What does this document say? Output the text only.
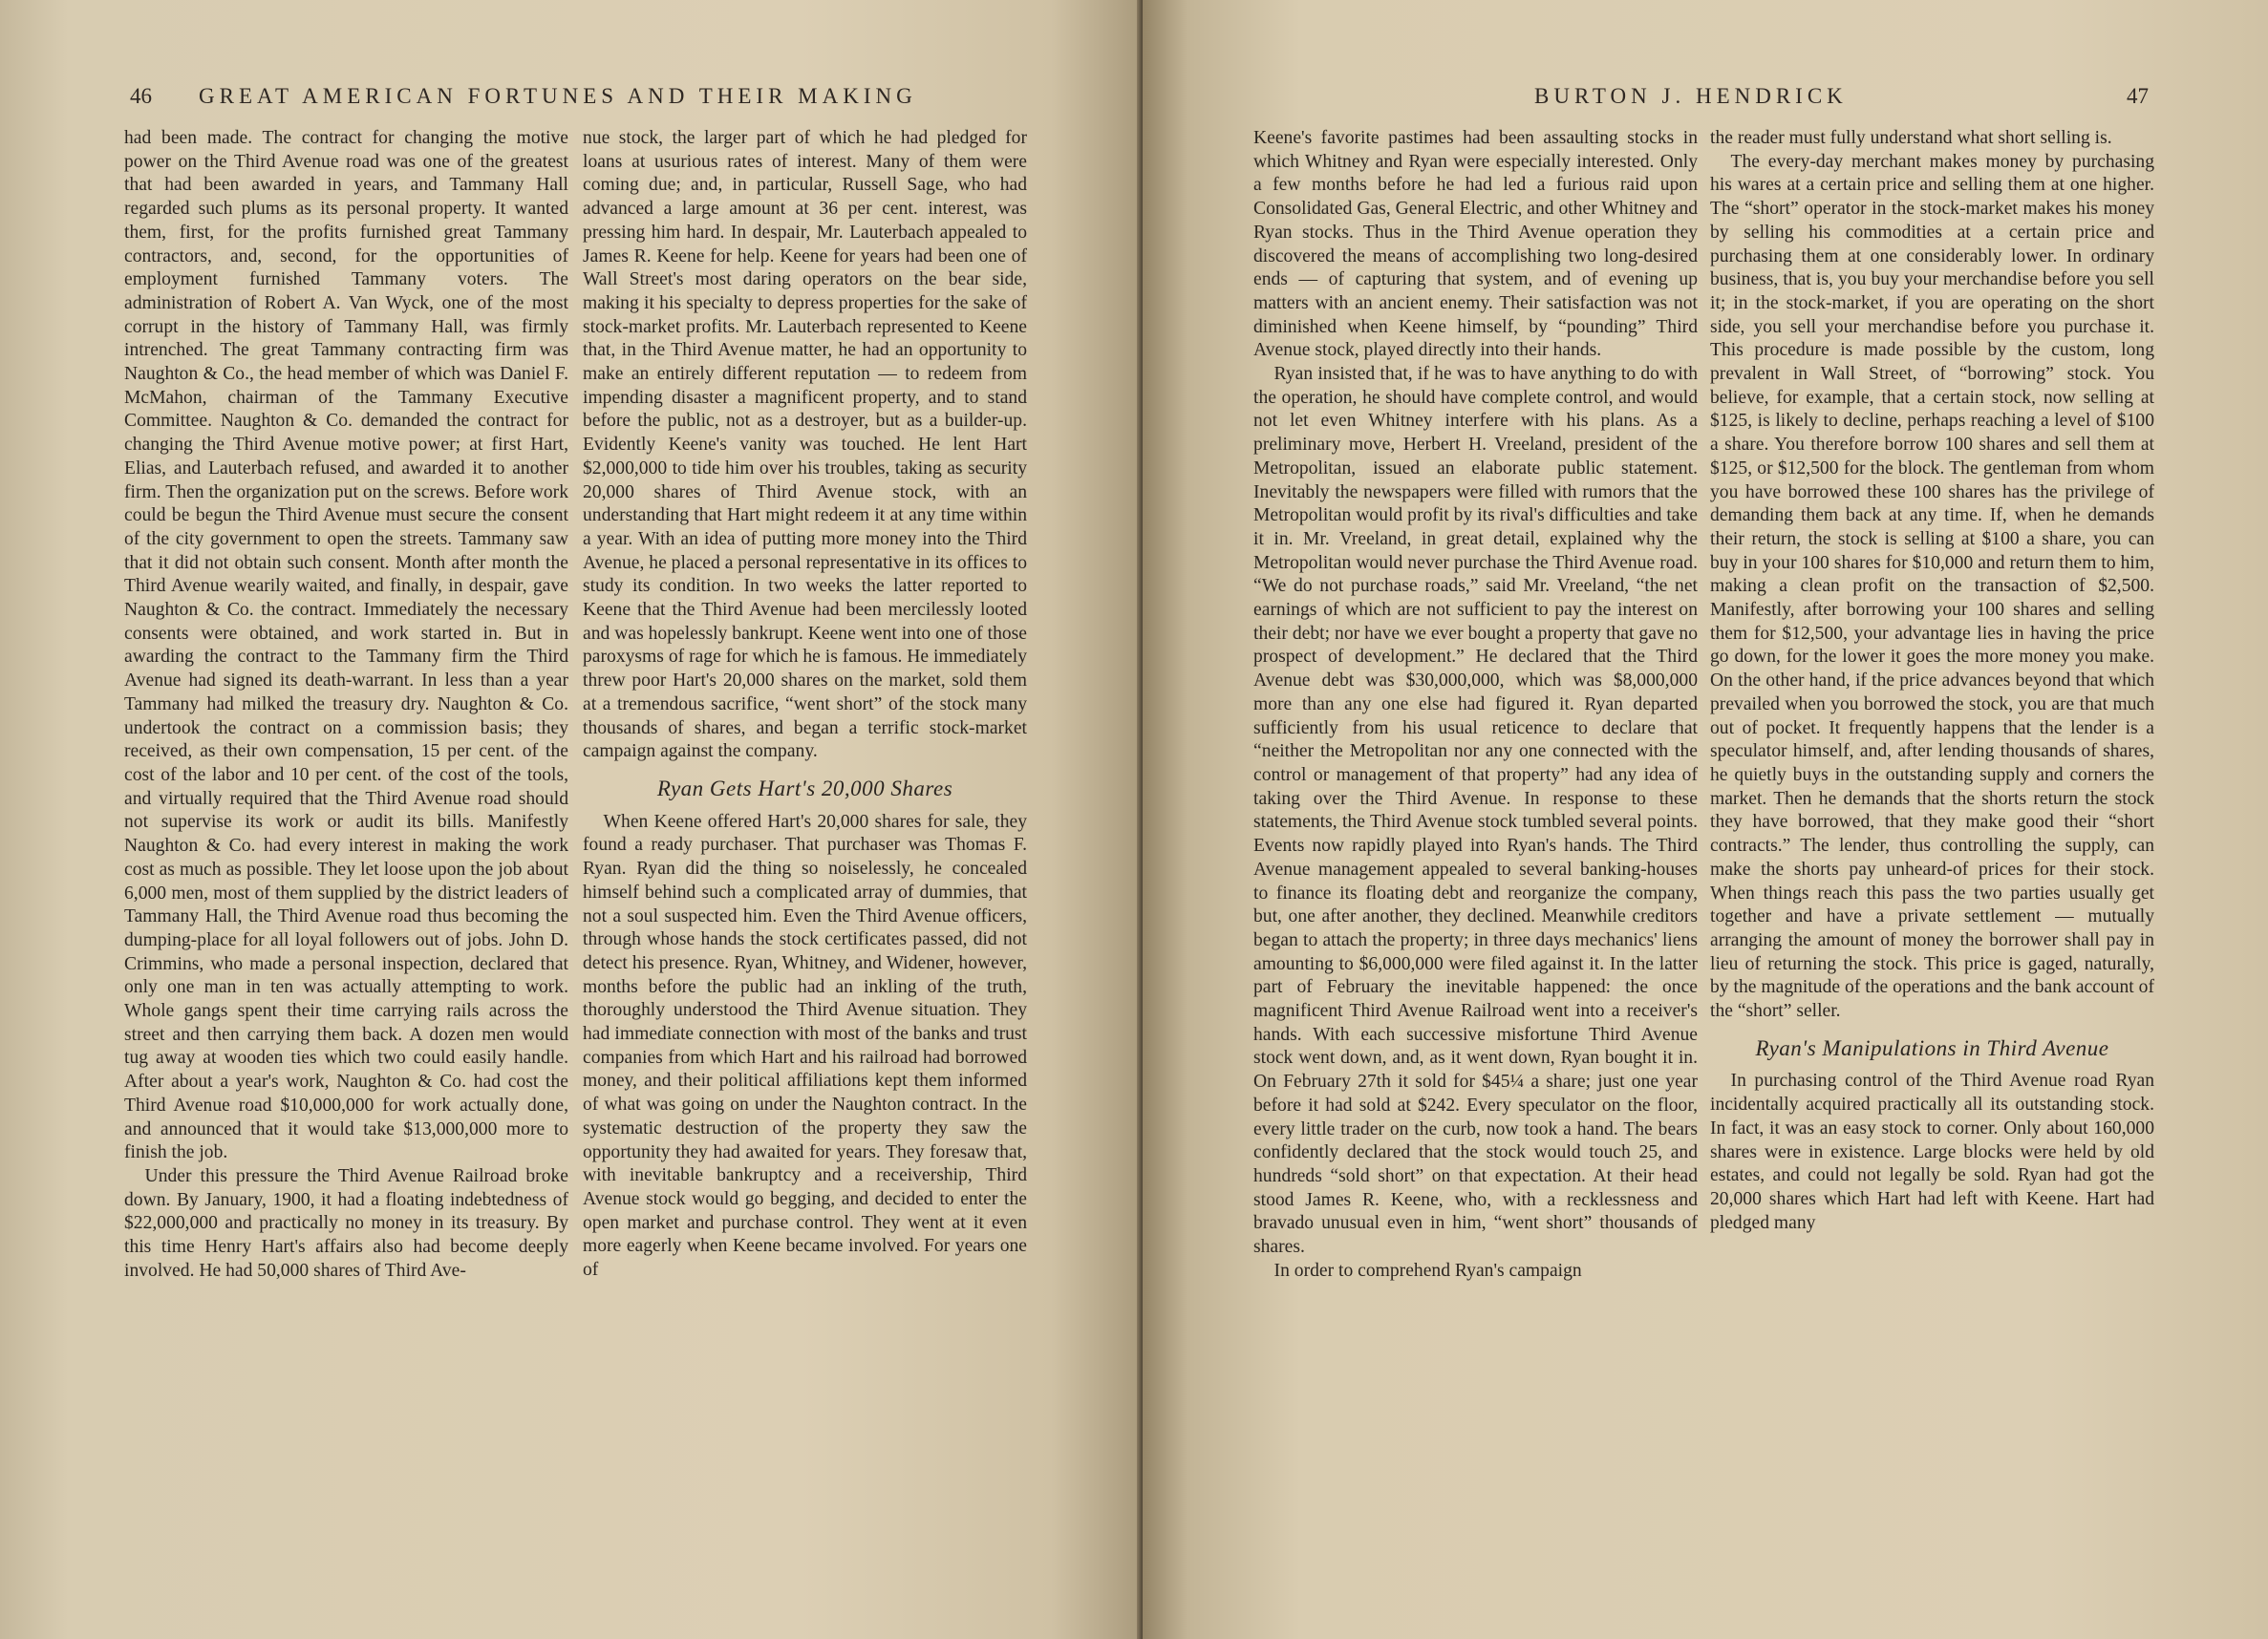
46 GREAT AMERICAN FORTUNES AND THEIR MAKING

had been made. The contract for changing the motive power on the Third Avenue road was one of the greatest that had been awarded in years, and Tammany Hall regarded such plums as its personal property. It wanted them, first, for the profits furnished great Tammany contractors, and, second, for the opportunities of employment furnished Tammany voters. The administration of Robert A. Van Wyck, one of the most corrupt in the history of Tammany Hall, was firmly intrenched. The great Tammany contracting firm was Naughton & Co., the head member of which was Daniel F. McMahon, chairman of the Tammany Executive Committee. Naughton & Co. demanded the contract for changing the Third Avenue motive power; at first Hart, Elias, and Lauterbach refused, and awarded it to another firm. Then the organization put on the screws. Before work could be begun the Third Avenue must secure the consent of the city government to open the streets. Tammany saw that it did not obtain such consent. Month after month the Third Avenue wearily waited, and finally, in despair, gave Naughton & Co. the contract. Immediately the necessary consents were obtained, and work started in. But in awarding the contract to the Tammany firm the Third Avenue had signed its death-warrant. In less than a year Tammany had milked the treasury dry. Naughton & Co. undertook the contract on a commission basis; they received, as their own compensation, 15 per cent. of the cost of the labor and 10 per cent. of the cost of the tools, and virtually required that the Third Avenue road should not supervise its work or audit its bills. Manifestly Naughton & Co. had every interest in making the work cost as much as possible. They let loose upon the job about 6,000 men, most of them supplied by the district leaders of Tammany Hall, the Third Avenue road thus becoming the dumping-place for all loyal followers out of jobs. John D. Crimmins, who made a personal inspection, declared that only one man in ten was actually attempting to work. Whole gangs spent their time carrying rails across the street and then carrying them back. A dozen men would tug away at wooden ties which two could easily handle. After about a year's work, Naughton & Co. had cost the Third Avenue road $10,000,000 for work actually done, and announced that it would take $13,000,000 more to finish the job.

Under this pressure the Third Avenue Railroad broke down. By January, 1900, it had a floating indebtedness of $22,000,000 and practically no money in its treasury. By this time Henry Hart's affairs also had become deeply involved. He had 50,000 shares of Third Ave-

nue stock, the larger part of which he had pledged for loans at usurious rates of interest. Many of them were coming due; and, in particular, Russell Sage, who had advanced a large amount at 36 per cent. interest, was pressing him hard. In despair, Mr. Lauterbach appealed to James R. Keene for help. Keene for years had been one of Wall Street's most daring operators on the bear side, making it his specialty to depress properties for the sake of stock-market profits. Mr. Lauterbach represented to Keene that, in the Third Avenue matter, he had an opportunity to make an entirely different reputation — to redeem from impending disaster a magnificent property, and to stand before the public, not as a destroyer, but as a builder-up. Evidently Keene's vanity was touched. He lent Hart $2,000,000 to tide him over his troubles, taking as security 20,000 shares of Third Avenue stock, with an understanding that Hart might redeem it at any time within a year. With an idea of putting more money into the Third Avenue, he placed a personal representative in its offices to study its condition. In two weeks the latter reported to Keene that the Third Avenue had been mercilessly looted and was hopelessly bankrupt. Keene went into one of those paroxysms of rage for which he is famous. He immediately threw poor Hart's 20,000 shares on the market, sold them at a tremendous sacrifice, “went short” of the stock many thousands of shares, and began a terrific stock-market campaign against the company.

Ryan Gets Hart's 20,000 Shares

When Keene offered Hart's 20,000 shares for sale, they found a ready purchaser. That purchaser was Thomas F. Ryan. Ryan did the thing so noiselessly, he concealed himself behind such a complicated array of dummies, that not a soul suspected him. Even the Third Avenue officers, through whose hands the stock certificates passed, did not detect his presence. Ryan, Whitney, and Widener, however, months before the public had an inkling of the truth, thoroughly understood the Third Avenue situation. They had immediate connection with most of the banks and trust companies from which Hart and his railroad had borrowed money, and their political affiliations kept them informed of what was going on under the Naughton contract. In the systematic destruction of the property they saw the opportunity they had awaited for years. They foresaw that, with inevitable bankruptcy and a receivership, Third Avenue stock would go begging, and decided to enter the open market and purchase control. They went at it even more eagerly when Keene became involved. For years one of

BURTON J. HENDRICK	47

Keene's favorite pastimes had been assaulting stocks in which Whitney and Ryan were especially interested. Only a few months before he had led a furious raid upon Consolidated Gas, General Electric, and other Whitney and Ryan stocks. Thus in the Third Avenue operation they discovered the means of accomplishing two long-desired ends — of capturing that system, and of evening up matters with an ancient enemy. Their satisfaction was not diminished when Keene himself, by “pounding” Third Avenue stock, played directly into their hands.

Ryan insisted that, if he was to have anything to do with the operation, he should have complete control, and would not let even Whitney interfere with his plans. As a preliminary move, Herbert H. Vreeland, president of the Metropolitan, issued an elaborate public statement. Inevitably the newspapers were filled with rumors that the Metropolitan would profit by its rival's difficulties and take it in. Mr. Vreeland, in great detail, explained why the Metropolitan would never purchase the Third Avenue road. “We do not purchase roads,” said Mr. Vreeland, “the net earnings of which are not sufficient to pay the interest on their debt; nor have we ever bought a property that gave no prospect of development.” He declared that the Third Avenue debt was $30,000,000, which was $8,000,000 more than any one else had figured it. Ryan departed sufficiently from his usual reticence to declare that “neither the Metropolitan nor any one connected with the control or management of that property” had any idea of taking over the Third Avenue. In response to these statements, the Third Avenue stock tumbled several points. Events now rapidly played into Ryan's hands. The Third Avenue management appealed to several banking-houses to finance its floating debt and reorganize the company, but, one after another, they declined. Meanwhile creditors began to attach the property; in three days mechanics' liens amounting to $6,000,000 were filed against it. In the latter part of February the inevitable happened: the once magnificent Third Avenue Railroad went into a receiver's hands. With each successive misfortune Third Avenue stock went down, and, as it went down, Ryan bought it in. On February 27th it sold for $45¼ a share; just one year before it had sold at $242. Every speculator on the floor, every little trader on the curb, now took a hand. The bears confidently declared that the stock would touch 25, and hundreds “sold short” on that expectation. At their head stood James R. Keene, who, with a recklessness and bravado unusual even in him, “went short” thousands of shares.

In order to comprehend Ryan's campaign

the reader must fully understand what short selling is.

The every-day merchant makes money by purchasing his wares at a certain price and selling them at one higher. The “short” operator in the stock-market makes his money by selling his commodities at a certain price and purchasing them at one considerably lower. In ordinary business, that is, you buy your merchandise before you sell it; in the stock-market, if you are operating on the short side, you sell your merchandise before you purchase it. This procedure is made possible by the custom, long prevalent in Wall Street, of “borrowing” stock. You believe, for example, that a certain stock, now selling at $125, is likely to decline, perhaps reaching a level of $100 a share. You therefore borrow 100 shares and sell them at $125, or $12,500 for the block. The gentleman from whom you have borrowed these 100 shares has the privilege of demanding them back at any time. If, when he demands their return, the stock is selling at $100 a share, you can buy in your 100 shares for $10,000 and return them to him, making a clean profit on the transaction of $2,500. Manifestly, after borrowing your 100 shares and selling them for $12,500, your advantage lies in having the price go down, for the lower it goes the more money you make. On the other hand, if the price advances beyond that which prevailed when you borrowed the stock, you are that much out of pocket. It frequently happens that the lender is a speculator himself, and, after lending thousands of shares, he quietly buys in the outstanding supply and corners the market. Then he demands that the shorts return the stock they have borrowed, that they make good their “short contracts.” The lender, thus controlling the supply, can make the shorts pay unheard-of prices for their stock. When things reach this pass the two parties usually get together and have a private settlement — mutually arranging the amount of money the borrower shall pay in lieu of returning the stock. This price is gaged, naturally, by the magnitude of the operations and the bank account of the “short” seller.

Ryan's Manipulations in Third Avenue

In purchasing control of the Third Avenue road Ryan incidentally acquired practically all its outstanding stock. In fact, it was an easy stock to corner. Only about 160,000 shares were in existence. Large blocks were held by old estates, and could not legally be sold. Ryan had got the 20,000 shares which Hart had left with Keene. Hart had pledged many
